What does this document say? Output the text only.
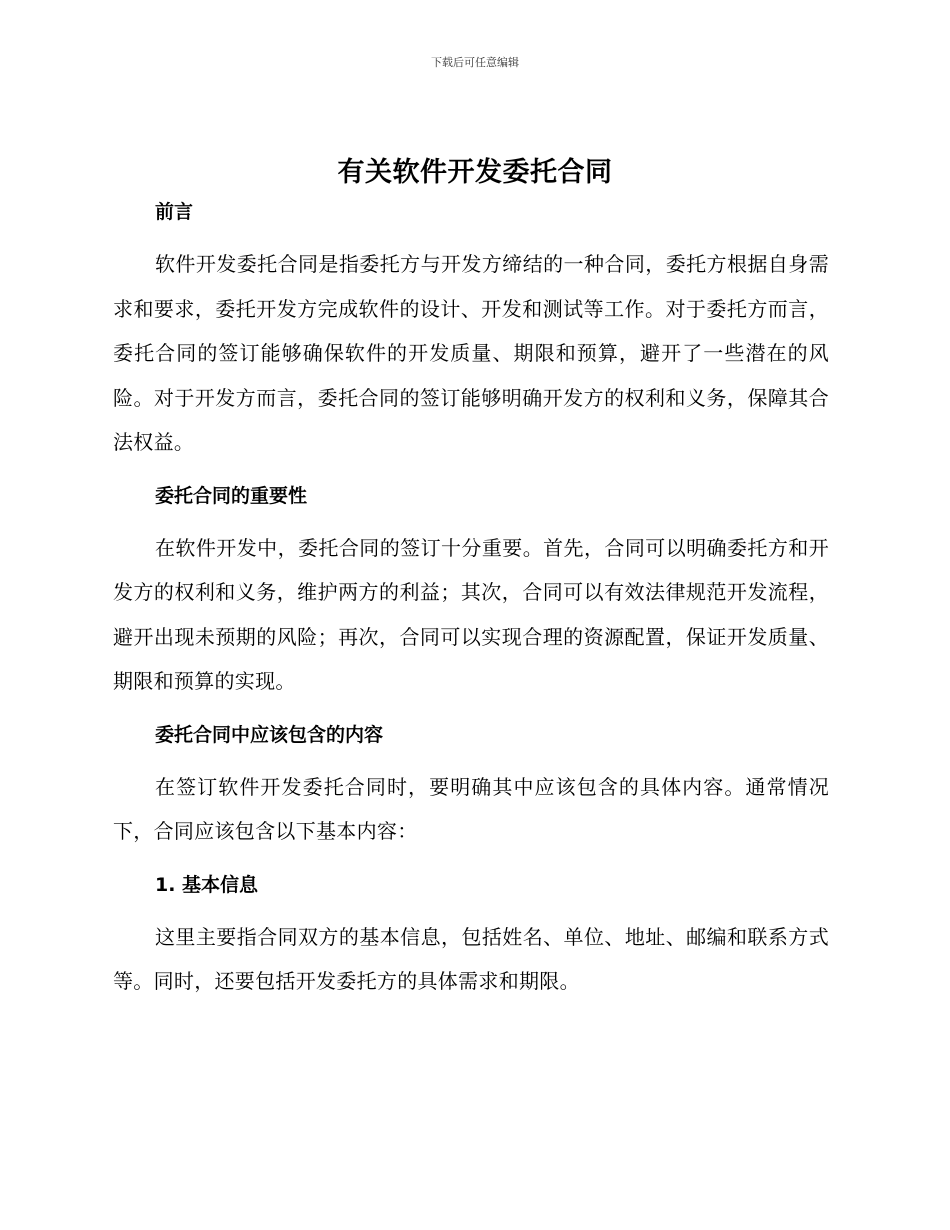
下载后可任意编辑
有关软件开发委托合同

前言

软件开发委托合同是指委托方与开发方缔结的一种合同，委托方根据自身需求和要求，委托开发方完成软件的设计、开发和测试等工作。对于委托方而言，委托合同的签订能够确保软件的开发质量、期限和预算，避开了一些潜在的风险。对于开发方而言，委托合同的签订能够明确开发方的权利和义务，保障其合法权益。

委托合同的重要性

在软件开发中，委托合同的签订十分重要。首先，合同可以明确委托方和开发方的权利和义务，维护两方的利益；其次，合同可以有效法律规范开发流程，避开出现未预期的风险；再次，合同可以实现合理的资源配置，保证开发质量、期限和预算的实现。

委托合同中应该包含的内容

在签订软件开发委托合同时，要明确其中应该包含的具体内容。通常情况下，合同应该包含以下基本内容：

1. 基本信息

这里主要指合同双方的基本信息，包括姓名、单位、地址、邮编和联系方式等。同时，还要包括开发委托方的具体需求和期限。
